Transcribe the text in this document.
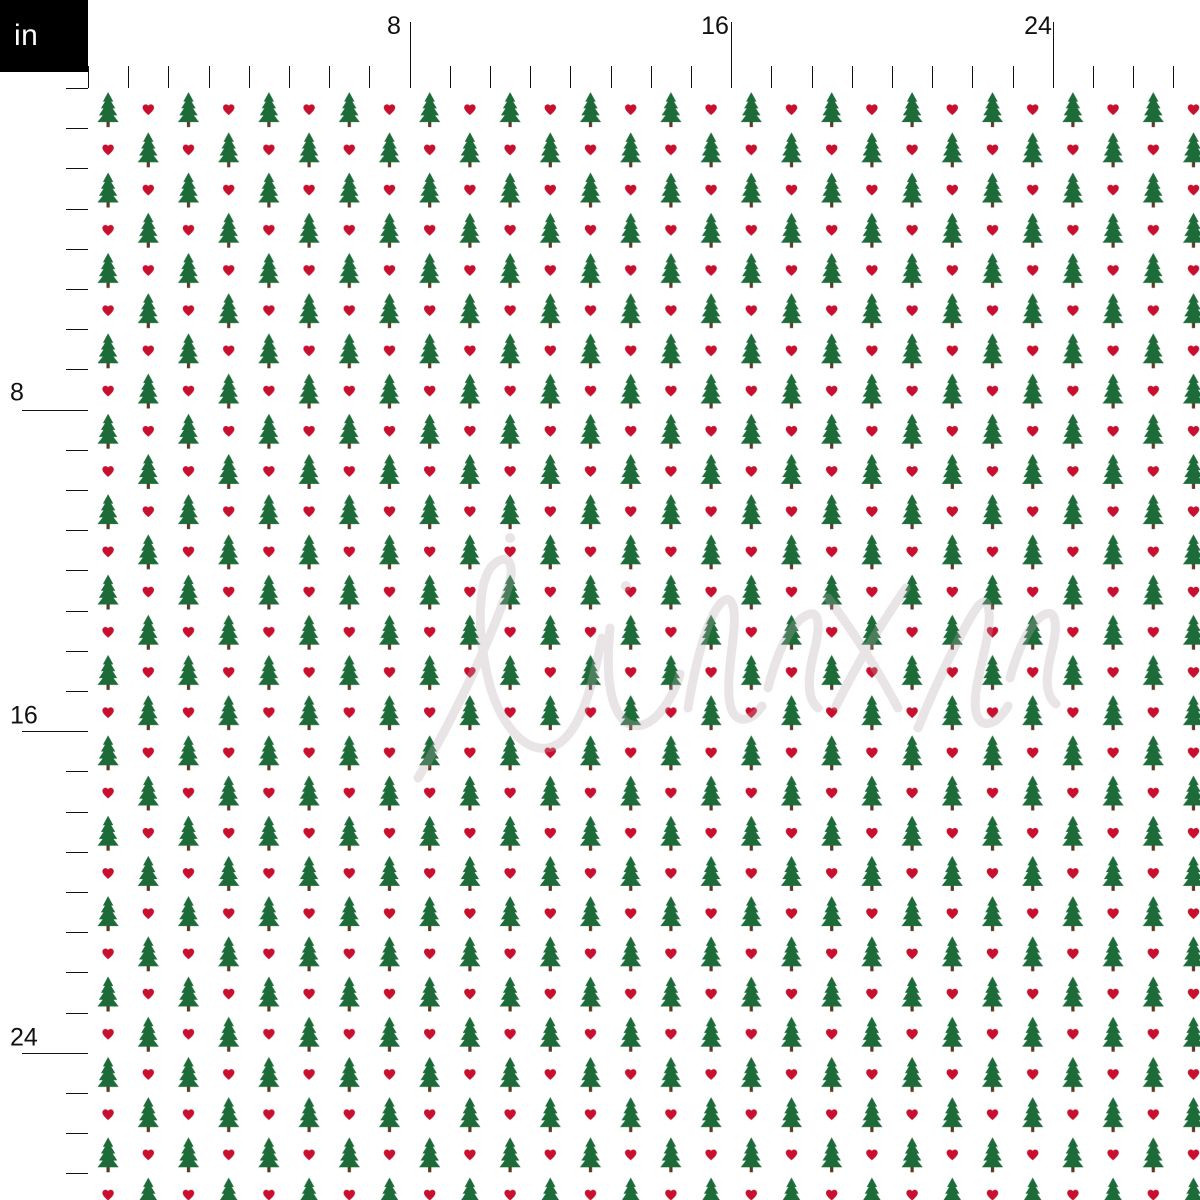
in	8	16	24
8
16
24
